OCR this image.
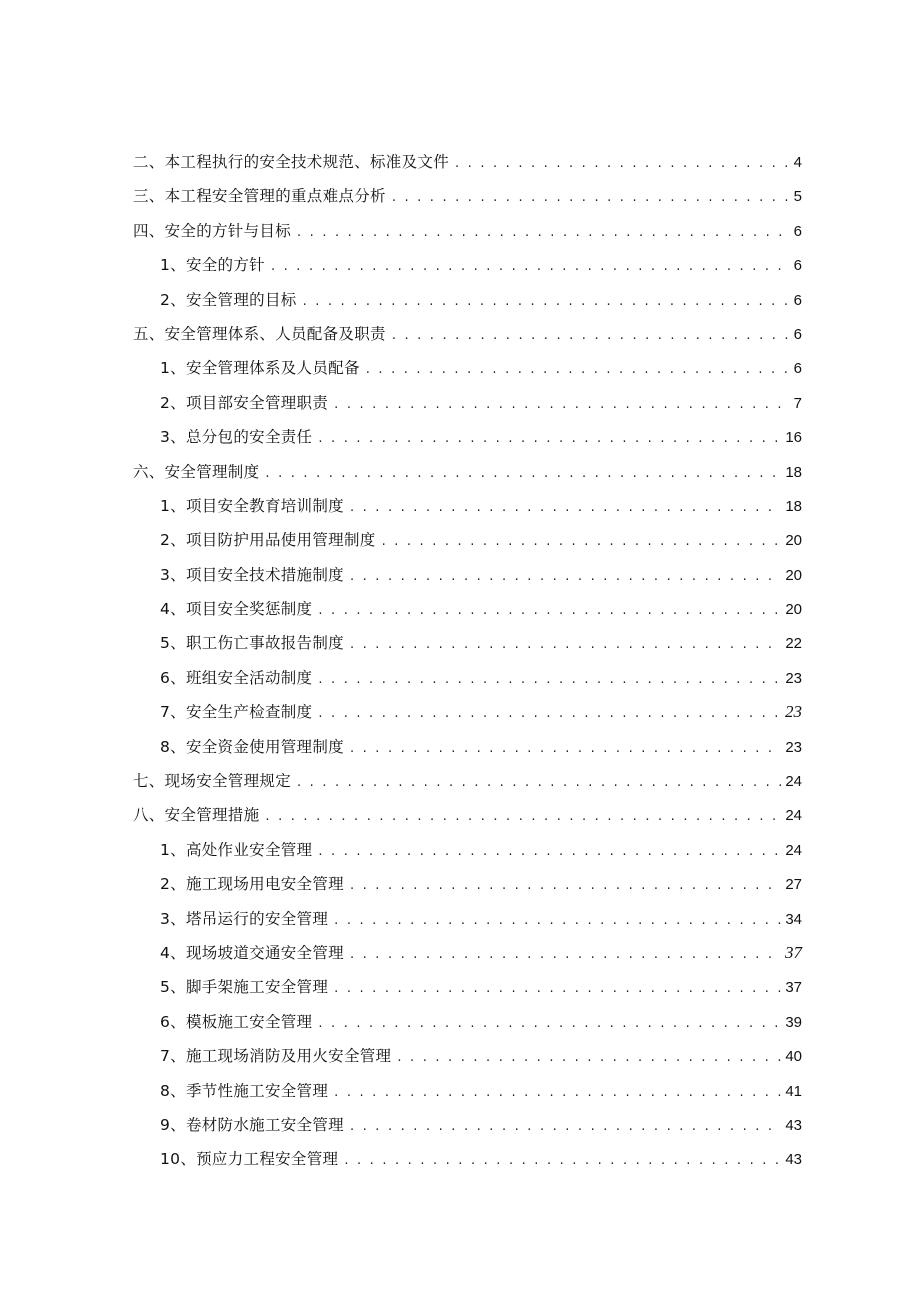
二、本工程执行的安全技术规范、标准及文件 . . .	4
三、本工程安全管理的重点难点分析 . . .	5
四、安全的方针与目标 . . .	6
1、安全的方针 . . .	6
2、安全管理的目标 . . .	6
五、安全管理体系、人员配备及职责 . . .	6
1、安全管理体系及人员配备 . . .	6
2、项目部安全管理职责 . . .	7
3、总分包的安全责任 . . .	16
六、安全管理制度 . . .	18
1、项目安全教育培训制度 . . .	18
2、项目防护用品使用管理制度 . . .	20
3、项目安全技术措施制度 . . .	20
4、项目安全奖惩制度 . . .	20
5、职工伤亡事故报告制度 . . .	22
6、班组安全活动制度 . . .	23
7、安全生产检查制度 . . .	23
8、安全资金使用管理制度 . . .	23
七、现场安全管理规定 . . .	24
八、安全管理措施 . . .	24
1、高处作业安全管理 . . .	24
2、施工现场用电安全管理 . . .	27
3、塔吊运行的安全管理 . . .	34
4、现场坡道交通安全管理 . . .	37
5、脚手架施工安全管理 . . .	37
6、模板施工安全管理 . . .	39
7、施工现场消防及用火安全管理 . . .	40
8、季节性施工安全管理 . . .	41
9、卷材防水施工安全管理 . . .	43
10、预应力工程安全管理 . . .	43
